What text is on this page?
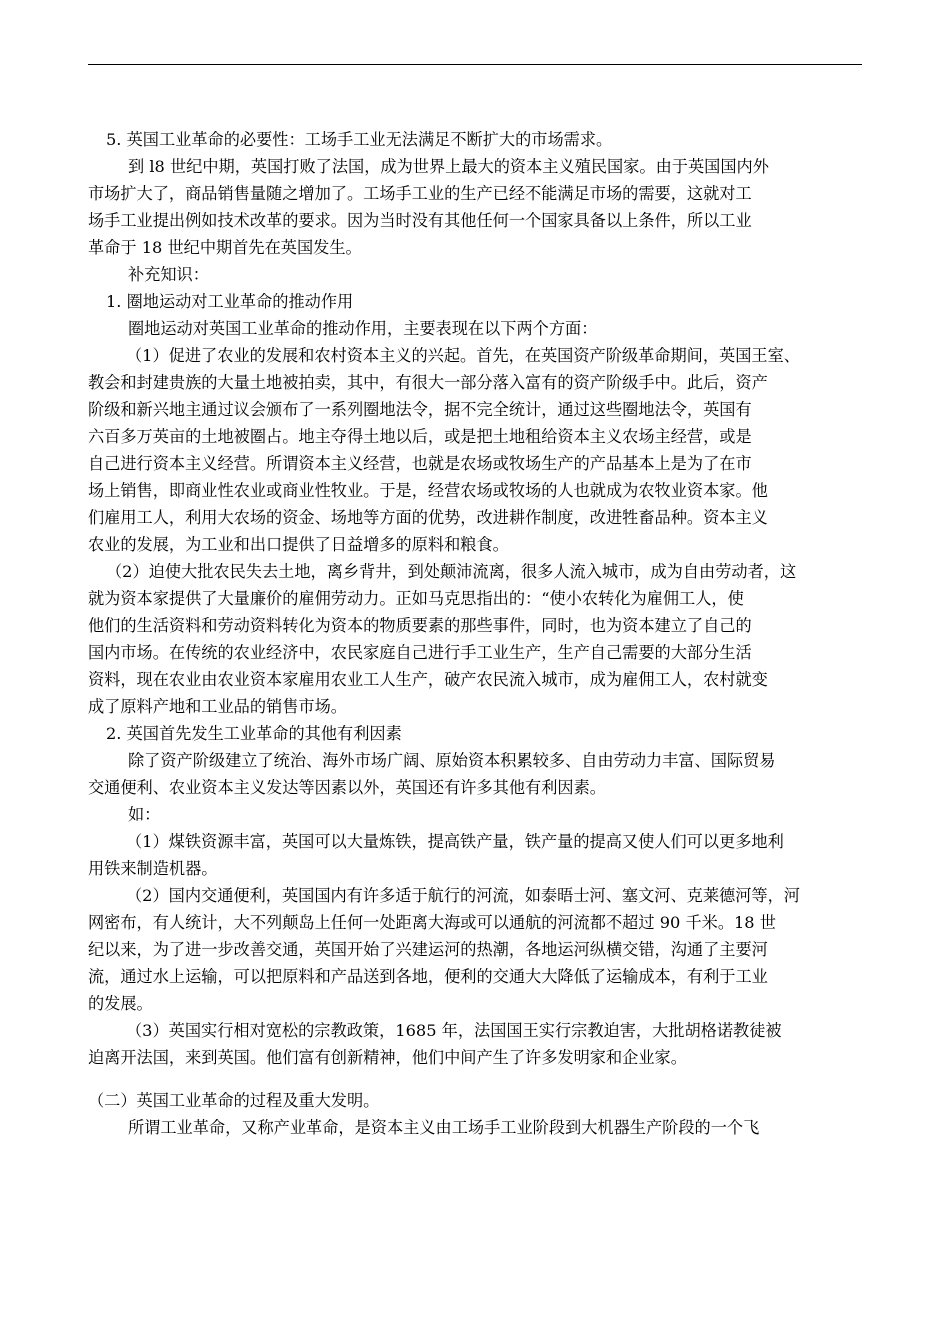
5. 英国工业革命的必要性：工场手工业无法满足不断扩大的市场需求。
到 l8 世纪中期，英国打败了法国，成为世界上最大的资本主义殖民国家。由于英国国内外
市场扩大了，商品销售量随之增加了。工场手工业的生产已经不能满足市场的需要，这就对工
场手工业提出例如技术改革的要求。因为当时没有其他任何一个国家具备以上条件，所以工业
革命于 18 世纪中期首先在英国发生。
补充知识：
1. 圈地运动对工业革命的推动作用
圈地运动对英国工业革命的推动作用，主要表现在以下两个方面：
（1）促进了农业的发展和农村资本主义的兴起。首先，在英国资产阶级革命期间，英国王室、
教会和封建贵族的大量土地被拍卖，其中，有很大一部分落入富有的资产阶级手中。此后，资产
阶级和新兴地主通过议会颁布了一系列圈地法令，据不完全统计，通过这些圈地法令，英国有
六百多万英亩的土地被圈占。地主夺得土地以后，或是把土地租给资本主义农场主经营，或是
自己进行资本主义经营。所谓资本主义经营，也就是农场或牧场生产的产品基本上是为了在市
场上销售，即商业性农业或商业性牧业。于是，经营农场或牧场的人也就成为农牧业资本家。他
们雇用工人，利用大农场的资金、场地等方面的优势，改进耕作制度，改进牲畜品种。资本主义
农业的发展，为工业和出口提供了日益增多的原料和粮食。
（2）迫使大批农民失去土地，离乡背井，到处颠沛流离，很多人流入城市，成为自由劳动者，这
就为资本家提供了大量廉价的雇佣劳动力。正如马克思指出的：“使小农转化为雇佣工人，使
他们的生活资料和劳动资料转化为资本的物质要素的那些事件，同时，也为资本建立了自己的
国内市场。在传统的农业经济中，农民家庭自己进行手工业生产，生产自己需要的大部分生活
资料，现在农业由农业资本家雇用农业工人生产，破产农民流入城市，成为雇佣工人，农村就变
成了原料产地和工业品的销售市场。
2. 英国首先发生工业革命的其他有利因素
除了资产阶级建立了统治、海外市场广阔、原始资本积累较多、自由劳动力丰富、国际贸易
交通便利、农业资本主义发达等因素以外，英国还有许多其他有利因素。
如：
（1）煤铁资源丰富，英国可以大量炼铁，提高铁产量，铁产量的提高又使人们可以更多地利
用铁来制造机器。
（2）国内交通便利，英国国内有许多适于航行的河流，如泰晤士河、塞文河、克莱德河等，河
网密布，有人统计，大不列颠岛上任何一处距离大海或可以通航的河流都不超过 90 千米。18 世
纪以来，为了进一步改善交通，英国开始了兴建运河的热潮，各地运河纵横交错，沟通了主要河
流，通过水上运输，可以把原料和产品送到各地，便利的交通大大降低了运输成本，有利于工业
的发展。
（3）英国实行相对宽松的宗教政策，1685 年，法国国王实行宗教迫害，大批胡格诺教徒被
迫离开法国，来到英国。他们富有创新精神，他们中间产生了许多发明家和企业家。
（二）英国工业革命的过程及重大发明。
所谓工业革命，又称产业革命，是资本主义由工场手工业阶段到大机器生产阶段的一个飞
